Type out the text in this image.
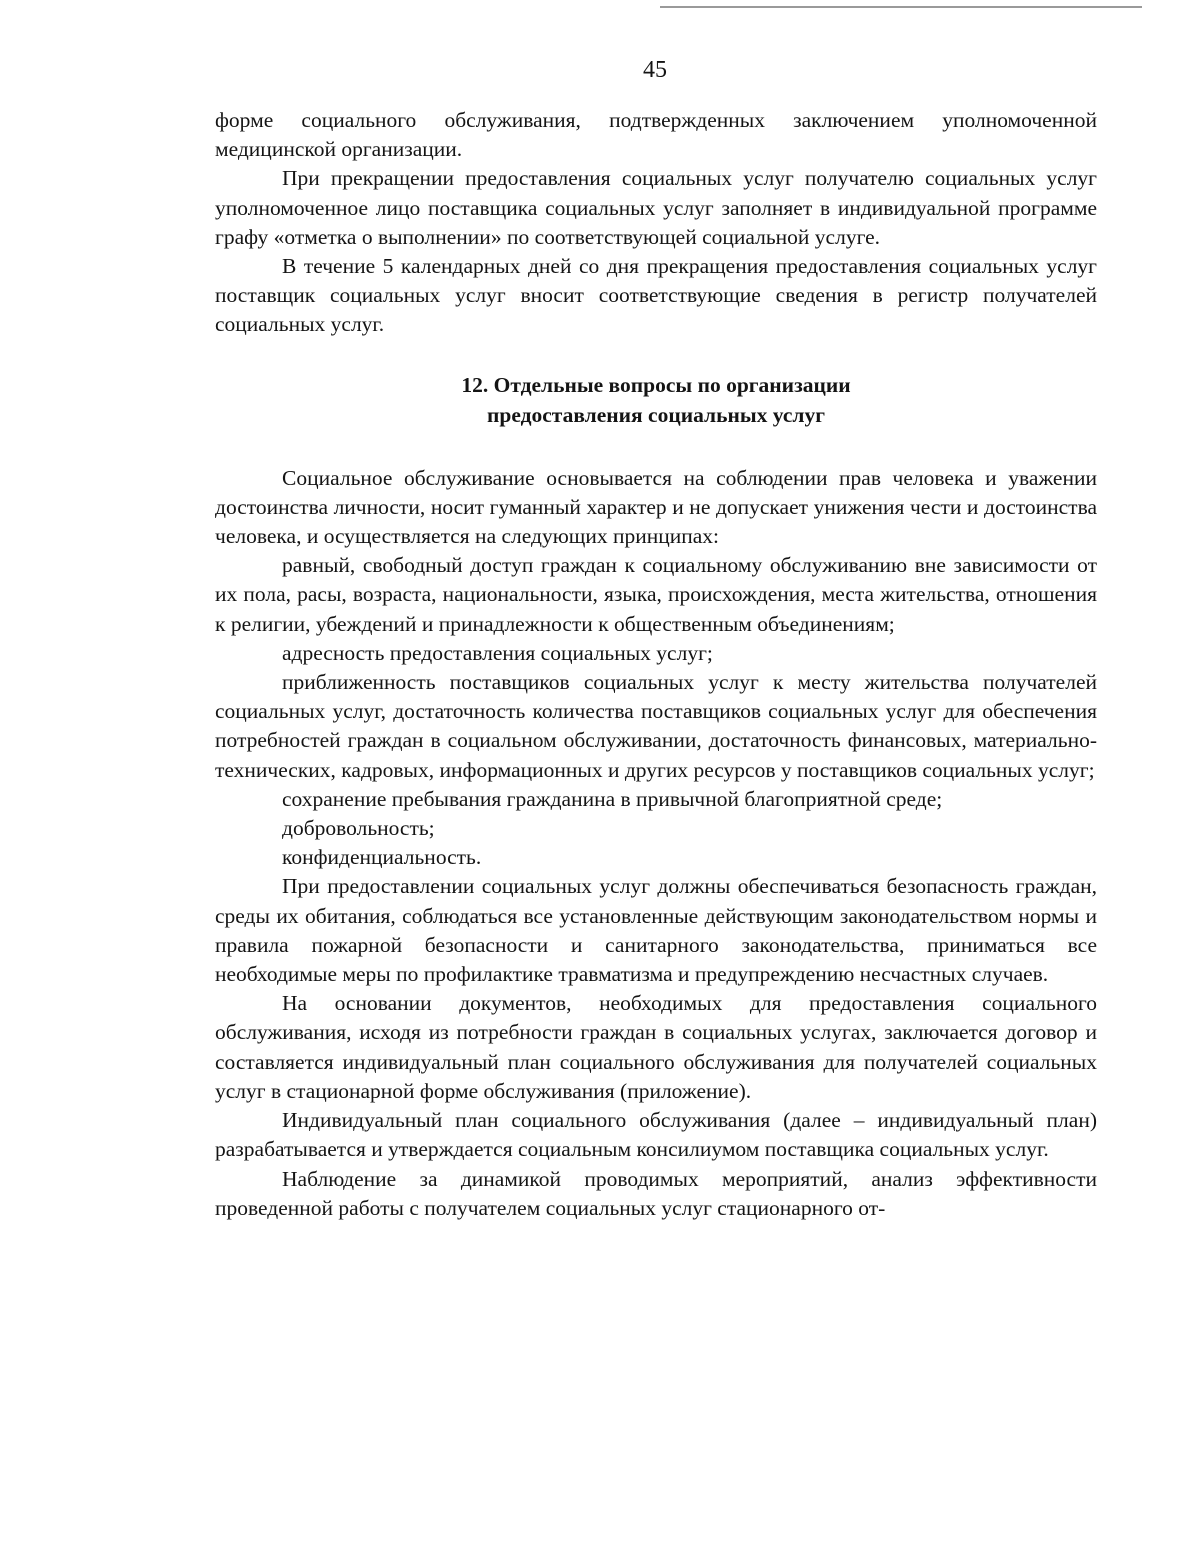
45

форме социального обслуживания, подтвержденных заключением уполномоченной медицинской организации.

При прекращении предоставления социальных услуг получателю социальных услуг уполномоченное лицо поставщика социальных услуг заполняет в индивидуальной программе графу «отметка о выполнении» по соответствующей социальной услуге.

В течение 5 календарных дней со дня прекращения предоставления социальных услуг поставщик социальных услуг вносит соответствующие сведения в регистр получателей социальных услуг.

12. Отдельные вопросы по организации
предоставления социальных услуг

Социальное обслуживание основывается на соблюдении прав человека и уважении достоинства личности, носит гуманный характер и не допускает унижения чести и достоинства человека, и осуществляется на следующих принципах:

равный, свободный доступ граждан к социальному обслуживанию вне зависимости от их пола, расы, возраста, национальности, языка, происхождения, места жительства, отношения к религии, убеждений и принадлежности к общественным объединениям;

адресность предоставления социальных услуг;

приближенность поставщиков социальных услуг к месту жительства получателей социальных услуг, достаточность количества поставщиков социальных услуг для обеспечения потребностей граждан в социальном обслуживании, достаточность финансовых, материально-технических, кадровых, информационных и других ресурсов у поставщиков социальных услуг;

сохранение пребывания гражданина в привычной благоприятной среде;

добровольность;

конфиденциальность.

При предоставлении социальных услуг должны обеспечиваться безопасность граждан, среды их обитания, соблюдаться все установленные действующим законодательством нормы и правила пожарной безопасности и санитарного законодательства, приниматься все необходимые меры по профилактике травматизма и предупреждению несчастных случаев.

На основании документов, необходимых для предоставления социального обслуживания, исходя из потребности граждан в социальных услугах, заключается договор и составляется индивидуальный план социального обслуживания для получателей социальных услуг в стационарной форме обслуживания (приложение).

Индивидуальный план социального обслуживания (далее – индивидуальный план) разрабатывается и утверждается социальным консилиумом поставщика социальных услуг.

Наблюдение за динамикой проводимых мероприятий, анализ эффективности проведенной работы с получателем социальных услуг стационарного от-
